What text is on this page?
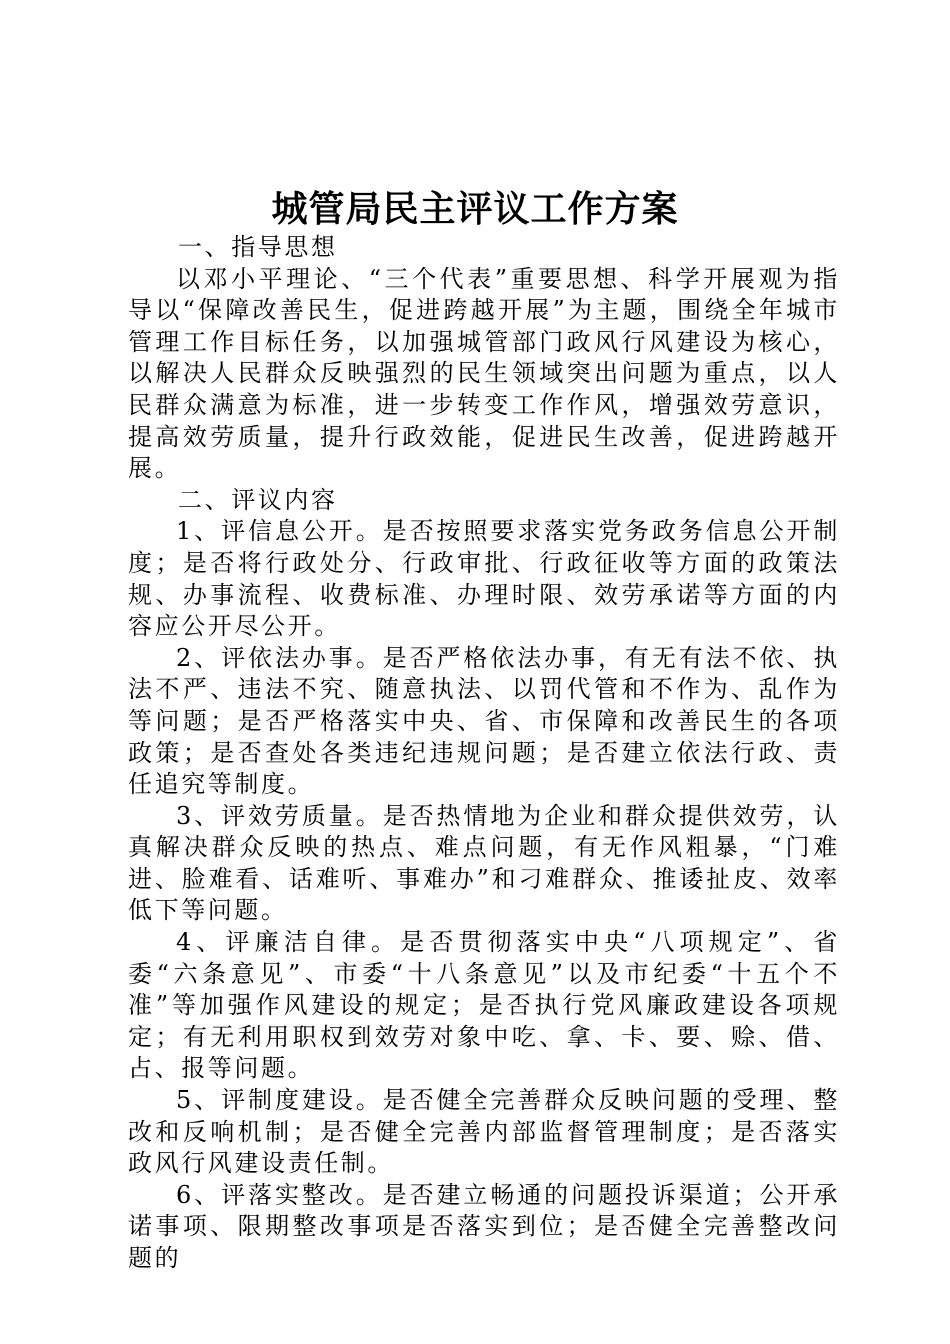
城管局民主评议工作方案

一、指导思想

以邓小平理论、“三个代表”重要思想、科学开展观为指导以“保障改善民生，促进跨越开展”为主题，围绕全年城市管理工作目标任务，以加强城管部门政风行风建设为核心，以解决人民群众反映强烈的民生领域突出问题为重点，以人民群众满意为标准，进一步转变工作作风，增强效劳意识，提高效劳质量，提升行政效能，促进民生改善，促进跨越开展。

二、评议内容

1、评信息公开。是否按照要求落实党务政务信息公开制度；是否将行政处分、行政审批、行政征收等方面的政策法规、办事流程、收费标准、办理时限、效劳承诺等方面的内容应公开尽公开。

2、评依法办事。是否严格依法办事，有无有法不依、执法不严、违法不究、随意执法、以罚代管和不作为、乱作为等问题；是否严格落实中央、省、市保障和改善民生的各项政策；是否查处各类违纪违规问题；是否建立依法行政、责任追究等制度。

3、评效劳质量。是否热情地为企业和群众提供效劳，认真解决群众反映的热点、难点问题，有无作风粗暴，“门难进、脸难看、话难听、事难办”和刁难群众、推诿扯皮、效率低下等问题。

4、评廉洁自律。是否贯彻落实中央“八项规定”、省委“六条意见”、市委“十八条意见”以及市纪委“十五个不准”等加强作风建设的规定；是否执行党风廉政建设各项规定；有无利用职权到效劳对象中吃、拿、卡、要、赊、借、占、报等问题。

5、评制度建设。是否健全完善群众反映问题的受理、整改和反响机制；是否健全完善内部监督管理制度；是否落实政风行风建设责任制。

6、评落实整改。是否建立畅通的问题投诉渠道；公开承诺事项、限期整改事项是否落实到位；是否健全完善整改问题的
